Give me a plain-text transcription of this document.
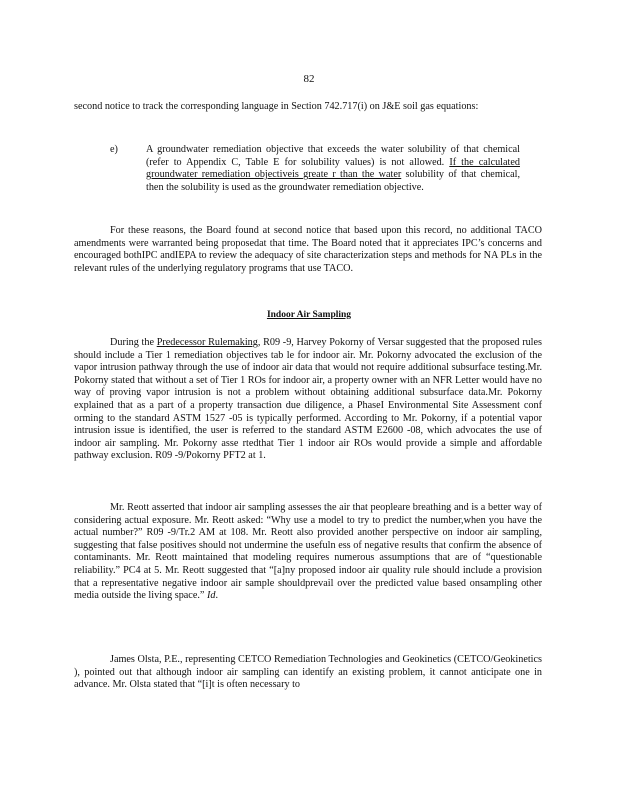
82

second notice to track the corresponding language in Section 742.717(i) on J&E soil gas equations:

e)	A groundwater remediation objective that exceeds the water solubility of that chemical (refer to Appendix C, Table E for solubility values) is not allowed. If the calculated groundwater remediation objectiveis greate r than the water solubility of that chemical, then the solubility is used as the groundwater remediation objective.

For these reasons, the Board found at second notice that based upon this record, no additional TACO amendments were warranted being proposedat that time. The Board noted that it appreciates IPC’s concerns and encouraged bothIPC andIEPA to review the adequacy of site characterization steps and methods for NA PLs in the relevant rules of the underlying regulatory programs that use TACO.

Indoor Air Sampling

During the Predecessor Rulemaking, R09 -9, Harvey Pokorny of Versar suggested that the proposed rules should include a Tier 1 remediation objectives tab le for indoor air. Mr. Pokorny advocated the exclusion of the vapor intrusion pathway through the use of indoor air data that would not require additional subsurface testing.Mr. Pokorny stated that without a set of Tier 1 ROs for indoor air, a property owner with an NFR Letter would have no way of proving vapor intrusion is not a problem without obtaining additional subsurface data.Mr. Pokorny explained that as a part of a property transaction due diligence, a PhaseI Environmental Site Assessment conf orming to the standard ASTM 1527 -05 is typically performed. According to Mr. Pokorny, if a potential vapor intrusion issue is identified, the user is referred to the standard ASTM E2600 -08, which advocates the use of indoor air sampling. Mr. Pokorny asse rtedthat Tier 1 indoor air ROs would provide a simple and affordable pathway exclusion. R09 -9/Pokorny PFT2 at 1.

Mr. Reott asserted that indoor air sampling assesses the air that peopleare breathing and is a better way of considering actual exposure. Mr. Reott asked: “Why use a model to try to predict the number,when you have the actual number?” R09 -9/Tr.2 AM at 108. Mr. Reott also provided another perspective on indoor air sampling, suggesting that false positives should not undermine the usefuln ess of negative results that confirm the absence of contaminants. Mr. Reott maintained that modeling requires numerous assumptions that are of “questionable reliability.” PC4 at 5. Mr. Reott suggested that “[a]ny proposed indoor air quality rule should include a provision that a representative negative indoor air sample shouldprevail over the predicted value based onsampling other media outside the living space.” Id.

James Olsta, P.E., representing CETCO Remediation Technologies and Geokinetics (CETCO/Geokinetics ), pointed out that although indoor air sampling can identify an existing problem, it cannot anticipate one in advance. Mr. Olsta stated that “[i]t is often necessary to
